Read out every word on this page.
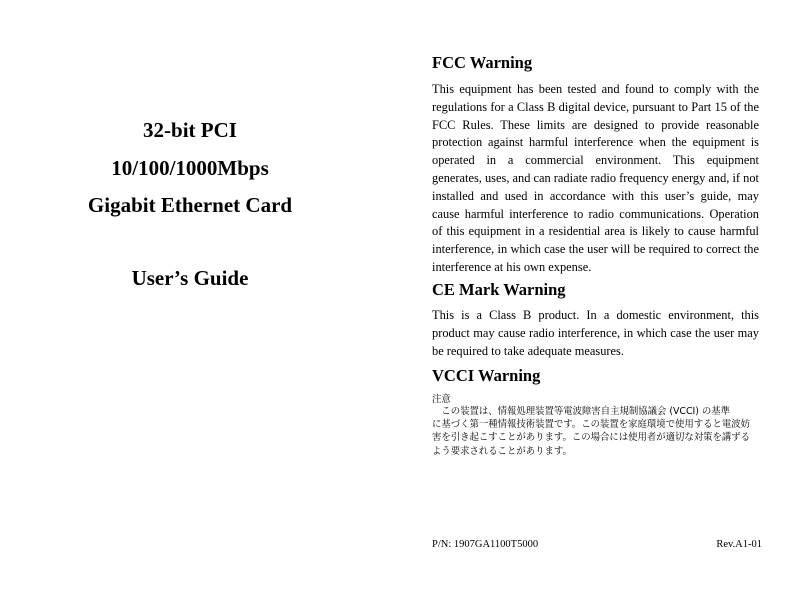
32-bit PCI
10/100/1000Mbps
Gigabit Ethernet Card
User’s Guide
FCC Warning
This equipment has been tested and found to comply with the regulations for a Class B digital device, pursuant to Part 15 of the FCC Rules. These limits are designed to provide reasonable protection against harmful interference when the equipment is operated in a commercial environment. This equipment generates, uses, and can radiate radio frequency energy and, if not installed and used in accordance with this user’s guide, may cause harmful interference to radio communications. Operation of this equipment in a residential area is likely to cause harmful interference, in which case the user will be required to correct the interference at his own expense.
CE Mark Warning
This is a Class B product. In a domestic environment, this product may cause radio interference, in which case the user may be required to take adequate measures.
VCCI Warning
注意
　この装置は、情報処理装置等電波障害自主規制協議会 (VCCI) の基準
に基づく第一種情報技術装置です。この装置を家庭環境で使用すると電波妨
害を引き起こすことがあります。この場合には使用者が適切な対策を講ずる
よう要求されることがあります。
P/N: 1907GA1100T5000	Rev.A1-01
